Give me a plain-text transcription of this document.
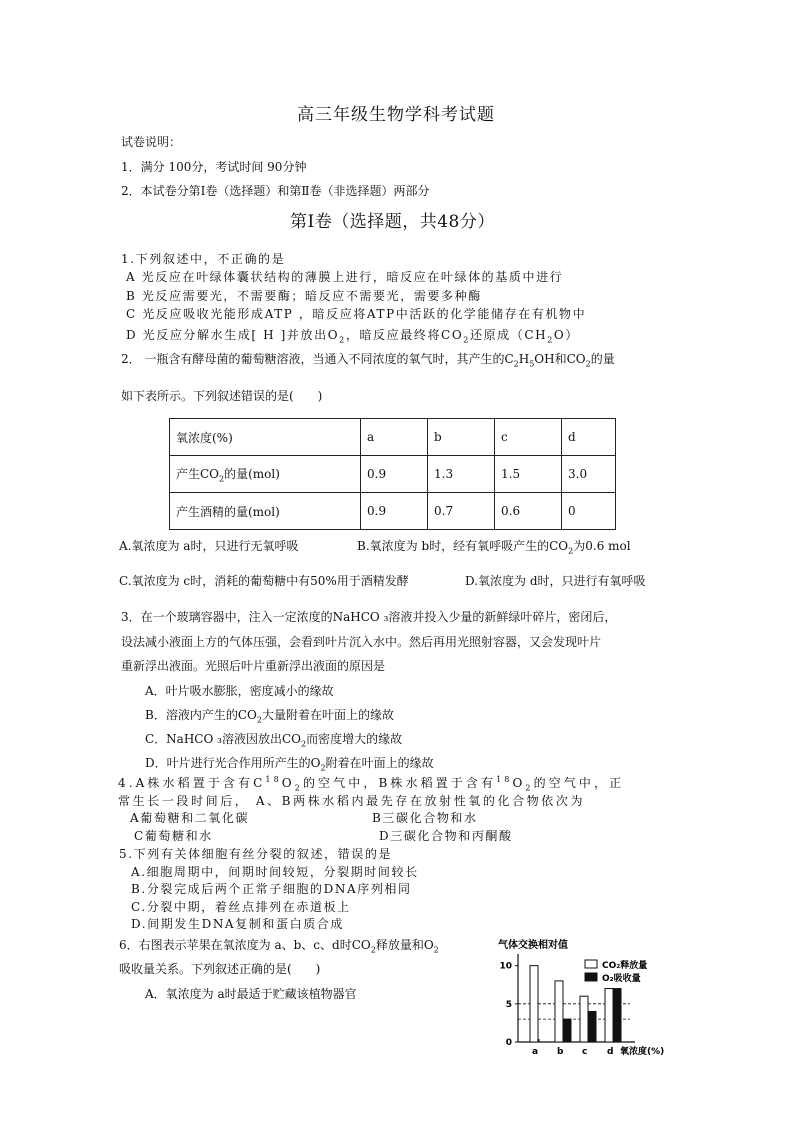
高三年级生物学科考试题
试卷说明：
1．满分 100分，考试时间 90分钟
2．本试卷分第Ⅰ卷（选择题）和第Ⅱ卷（非选择题）两部分
第Ⅰ卷（选择题，共48分）
1.下列叙述中，不正确的是
A 光反应在叶绿体囊状结构的薄膜上进行，暗反应在叶绿体的基质中进行
B 光反应需要光，不需要酶；暗反应不需要光，需要多种酶
C 光反应吸收光能形成ATP ，暗反应将ATP中活跃的化学能储存在有机物中
D 光反应分解水生成[ H ]并放出$O_2$，暗反应最终将$CO_2$还原成$(CH_2O)$
2． 一瓶含有酵母菌的葡萄糖溶液，当通入不同浓度的氧气时，其产生的$C_2H_5OH$和$CO_2$的量
如下表所示。下列叙述错误的是(　　)
氧浓度(%)	a	b	c	d
产生$CO_2$的量(mol)	0.9	1.3	1.5	3.0
产生酒精的量(mol)	0.9	0.7	0.6	0
A.氧浓度为 a时，只进行无氧呼吸	B.氧浓度为 b时，经有氧呼吸产生的$CO_2$为0.6 mol
C.氧浓度为 c时，消耗的葡萄糖中有50%用于酒精发酵	D.氧浓度为 d时，只进行有氧呼吸
3．在一个玻璃容器中，注入一定浓度的NaHCO ₃溶液并投入少量的新鲜绿叶碎片，密闭后，
设法减小液面上方的气体压强，会看到叶片沉入水中。然后再用光照射容器，又会发现叶片
重新浮出液面。光照后叶片重新浮出液面的原因是
A．叶片吸水膨胀，密度减小的缘故
B．溶液内产生的$CO_2$大量附着在叶面上的缘故
C．NaHCO ₃溶液因放出$CO_2$而密度增大的缘故
D．叶片进行光合作用所产生的$O_2$附着在叶面上的缘故
4.A株水稻置于含有$C^{18}O_2$的空气中，B株水稻置于含有$^{18}O_2$的空气中，正
常生长一段时间后， A、B两株水稻内最先存在放射性氧的化合物依次为
A葡萄糖和二氧化碳	B三碳化合物和水
C葡萄糖和水	D三碳化合物和丙酮酸
5.下列有关体细胞有丝分裂的叙述，错误的是
A.细胞周期中，间期时间较短，分裂期时间较长
B.分裂完成后两个正常子细胞的DNA序列相同
C.分裂中期，着丝点排列在赤道板上
D.间期发生DNA复制和蛋白质合成
6．右图表示苹果在氧浓度为 a、b、c、d时$CO_2$释放量和$O_2$
吸收量关系。下列叙述正确的是(　　)
A．氧浓度为 a时最适于贮藏该植物器官
气体交换相对值
0
5
10
a b c d 氧浓度(%)
CO₂释放量
O₂吸收量
